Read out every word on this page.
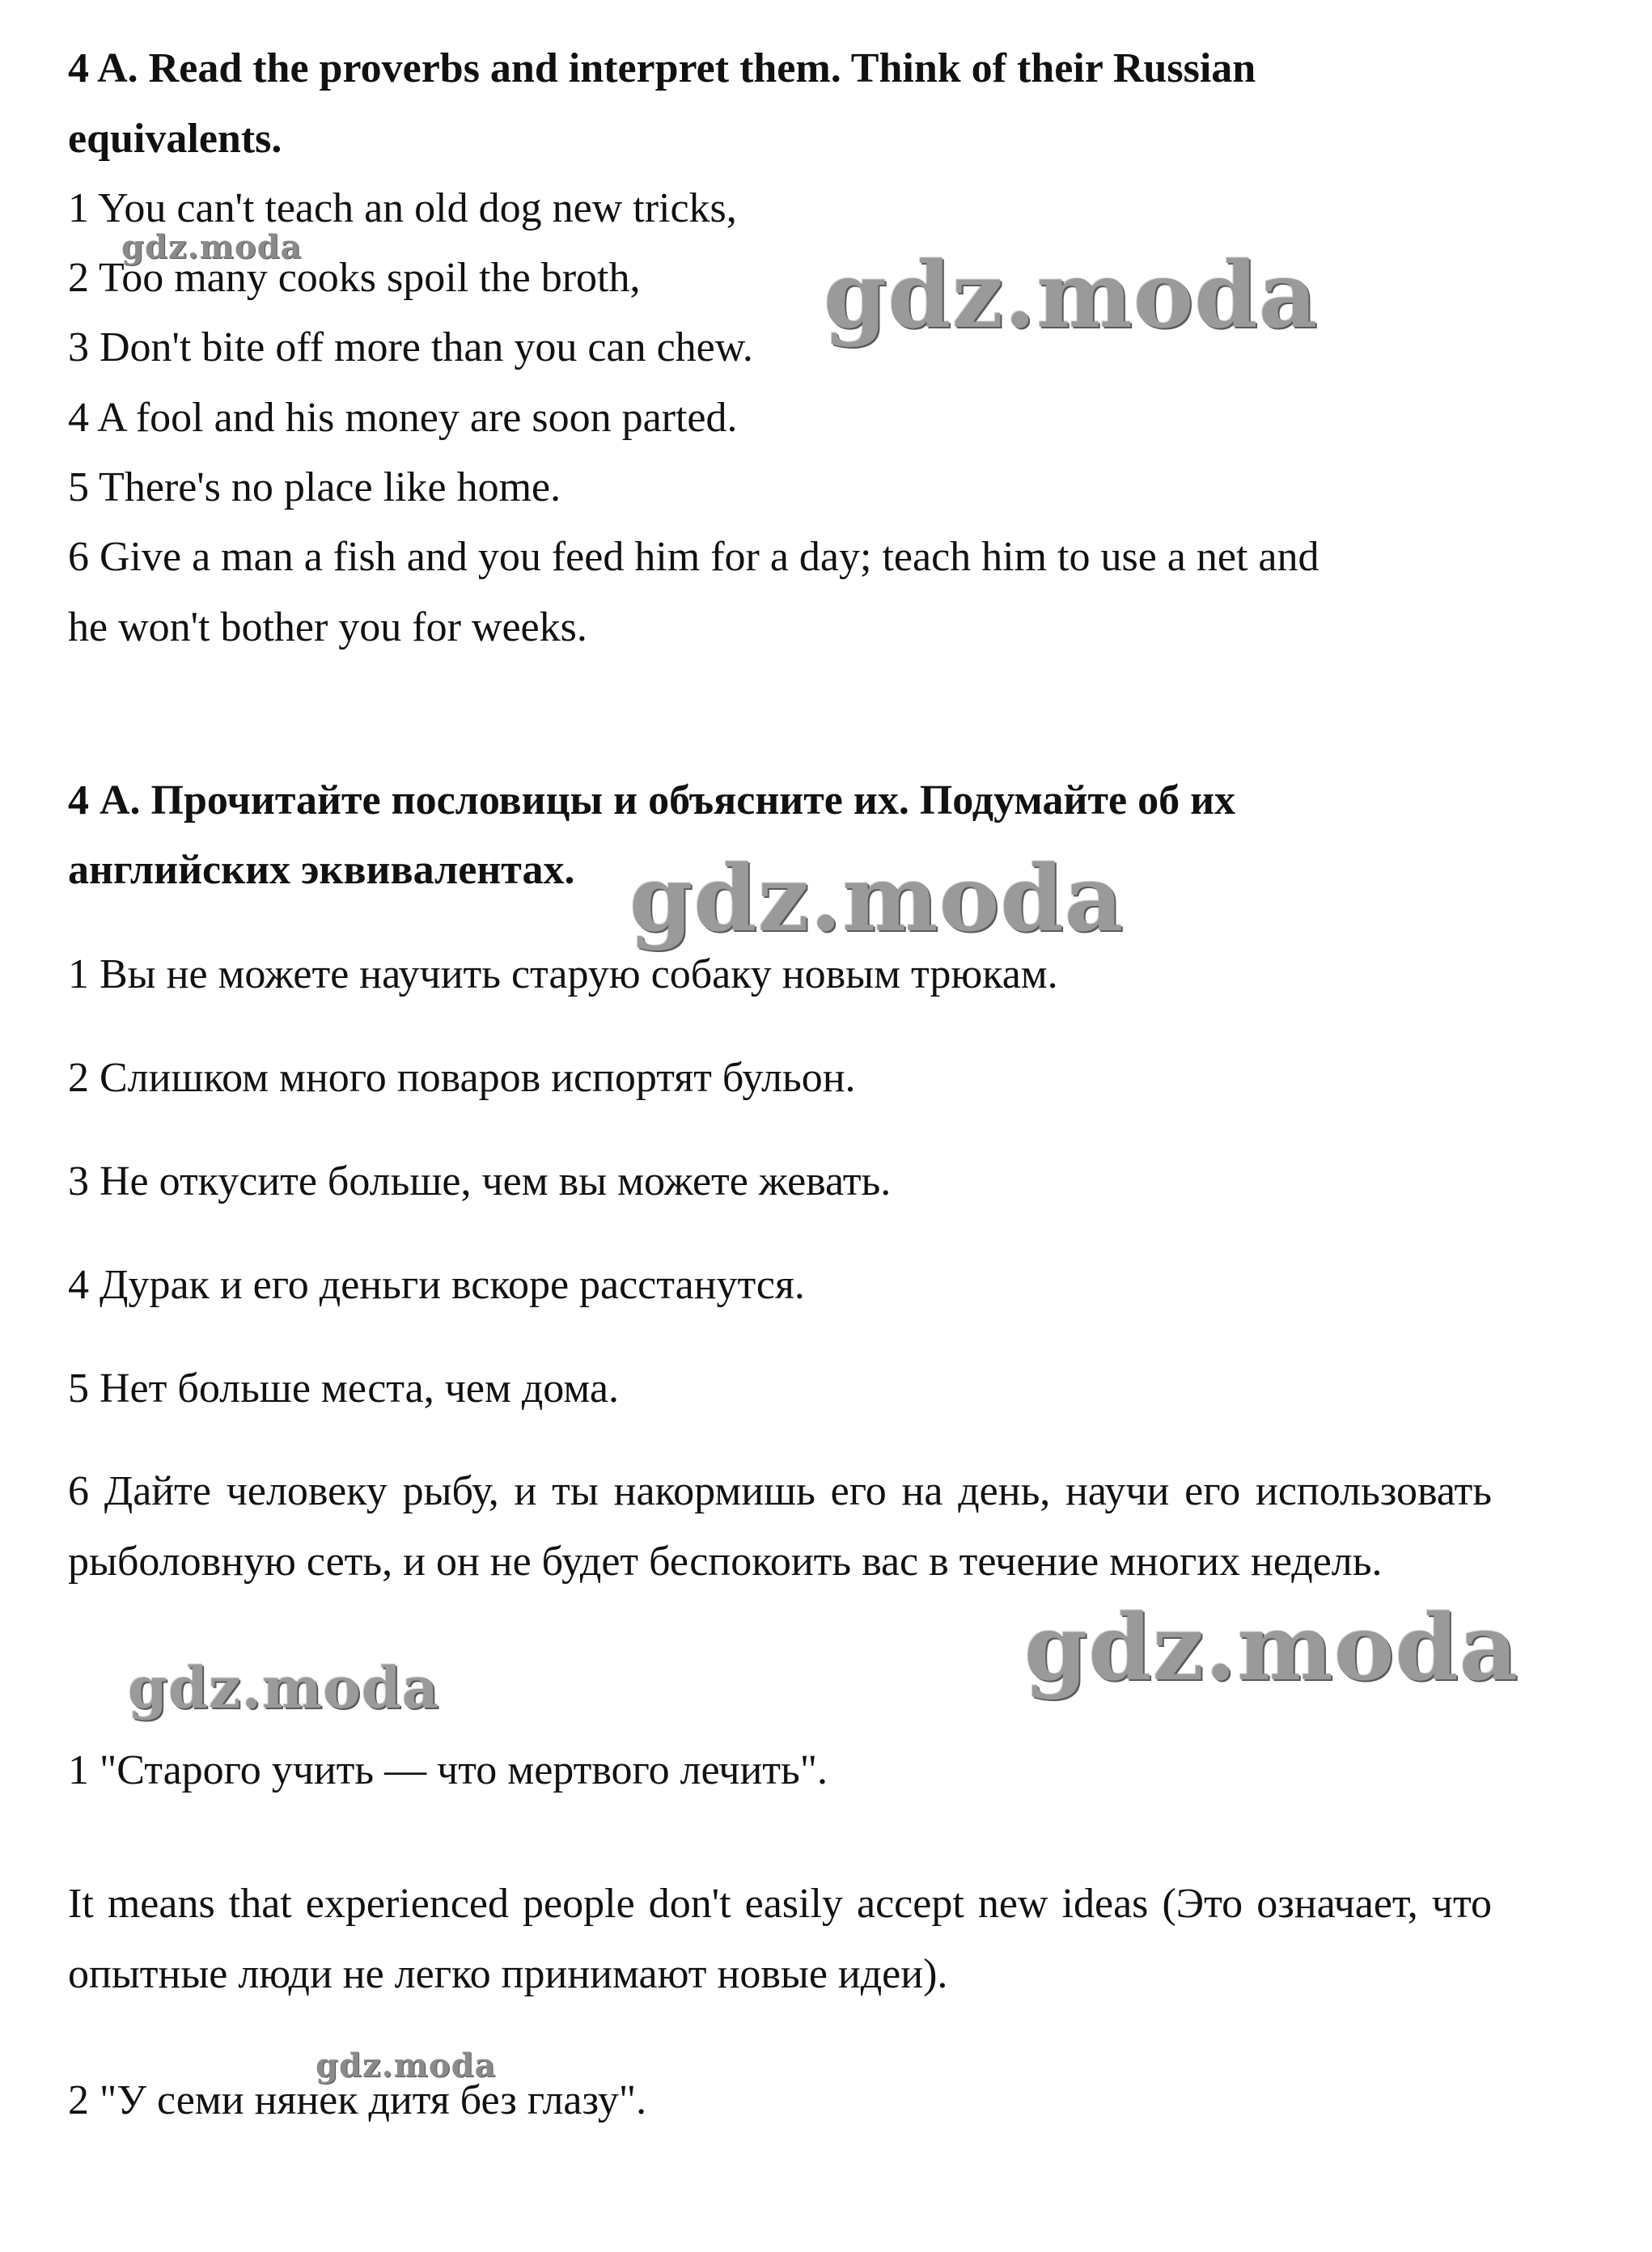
4 A. Read the proverbs and interpret them. Think of their Russian
equivalents.
1 You can't teach an old dog new tricks,
2 Too many cooks spoil the broth,
3 Don't bite off more than you can chew.
4 A fool and his money are soon parted.
5 There's no place like home.
6 Give a man a fish and you feed him for a day; teach him to use a net and
he won't bother you for weeks.
4 А. Прочитайте пословицы и объясните их. Подумайте об их
английских эквивалентах.
1 Вы не можете научить старую собаку новым трюкам.
2 Слишком много поваров испортят бульон.
3 Не откусите больше, чем вы можете жевать.
4 Дурак и его деньги вскоре расстанутся.
5 Нет больше места, чем дома.
6 Дайте человеку рыбу, и ты накормишь его на день, научи его использовать рыболовную сеть, и он не будет беспокоить вас в течение многих недель.
1 "Старого учить — что мертвого лечить".
It means that experienced people don't easily accept new ideas (Это означает, что опытные люди не легко принимают новые идеи).
2 "У семи нянек дитя без глазу".
gdz.moda	gdz.moda
gdz.moda
gdz.moda
gdz.moda
gdz.moda
